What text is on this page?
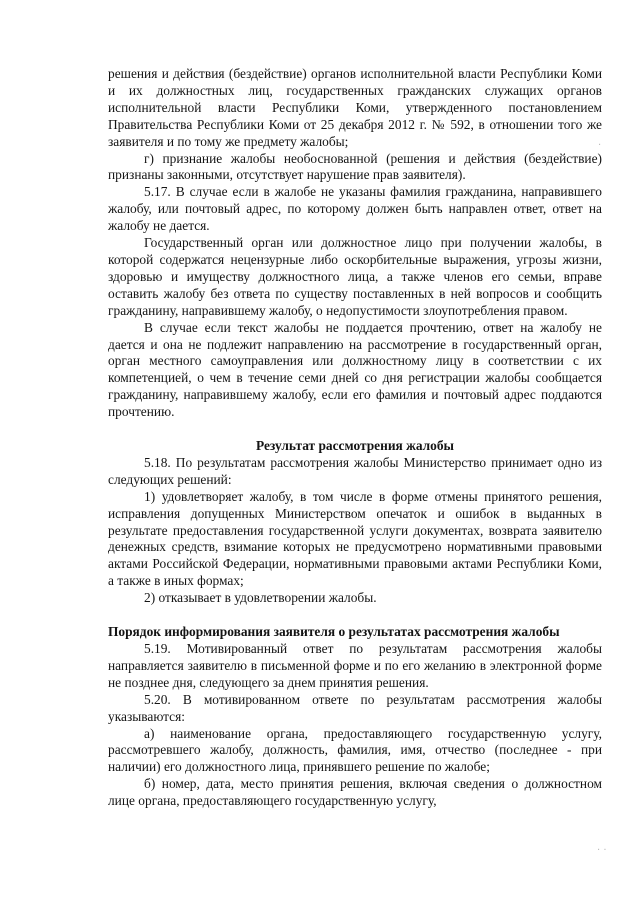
решения и действия (бездействие) органов исполнительной власти Республики Коми и их должностных лиц, государственных гражданских служащих органов исполнительной власти Республики Коми, утвержденного постановлением Правительства Республики Коми от 25 декабря 2012 г. № 592, в отношении того же заявителя и по тому же предмету жалобы;

г) признание жалобы необоснованной (решения и действия (бездействие) признаны законными, отсутствует нарушение прав заявителя).

5.17. В случае если в жалобе не указаны фамилия гражданина, направившего жалобу, или почтовый адрес, по которому должен быть направлен ответ, ответ на жалобу не дается.

Государственный орган или должностное лицо при получении жалобы, в которой содержатся нецензурные либо оскорбительные выражения, угрозы жизни, здоровью и имуществу должностного лица, а также членов его семьи, вправе оставить жалобу без ответа по существу поставленных в ней вопросов и сообщить гражданину, направившему жалобу, о недопустимости злоупотребления правом.

В случае если текст жалобы не поддается прочтению, ответ на жалобу не дается и она не подлежит направлению на рассмотрение в государственный орган, орган местного самоуправления или должностному лицу в соответствии с их компетенцией, о чем в течение семи дней со дня регистрации жалобы сообщается гражданину, направившему жалобу, если его фамилия и почтовый адрес поддаются прочтению.

Результат рассмотрения жалобы

5.18. По результатам рассмотрения жалобы Министерство принимает одно из следующих решений:

1) удовлетворяет жалобу, в том числе в форме отмены принятого решения, исправления допущенных Министерством опечаток и ошибок в выданных в результате предоставления государственной услуги документах, возврата заявителю денежных средств, взимание которых не предусмотрено нормативными правовыми актами Российской Федерации, нормативными правовыми актами Республики Коми, а также в иных формах;

2) отказывает в удовлетворении жалобы.

Порядок информирования заявителя о результатах рассмотрения жалобы

5.19. Мотивированный ответ по результатам рассмотрения жалобы направляется заявителю в письменной форме и по его желанию в электронной форме не позднее дня, следующего за днем принятия решения.

5.20. В мотивированном ответе по результатам рассмотрения жалобы указываются:

а) наименование органа, предоставляющего государственную услугу, рассмотревшего жалобу, должность, фамилия, имя, отчество (последнее - при наличии) его должностного лица, принявшего решение по жалобе;

б) номер, дата, место принятия решения, включая сведения о должностном лице органа, предоставляющего государственную услугу,

·
· ·
